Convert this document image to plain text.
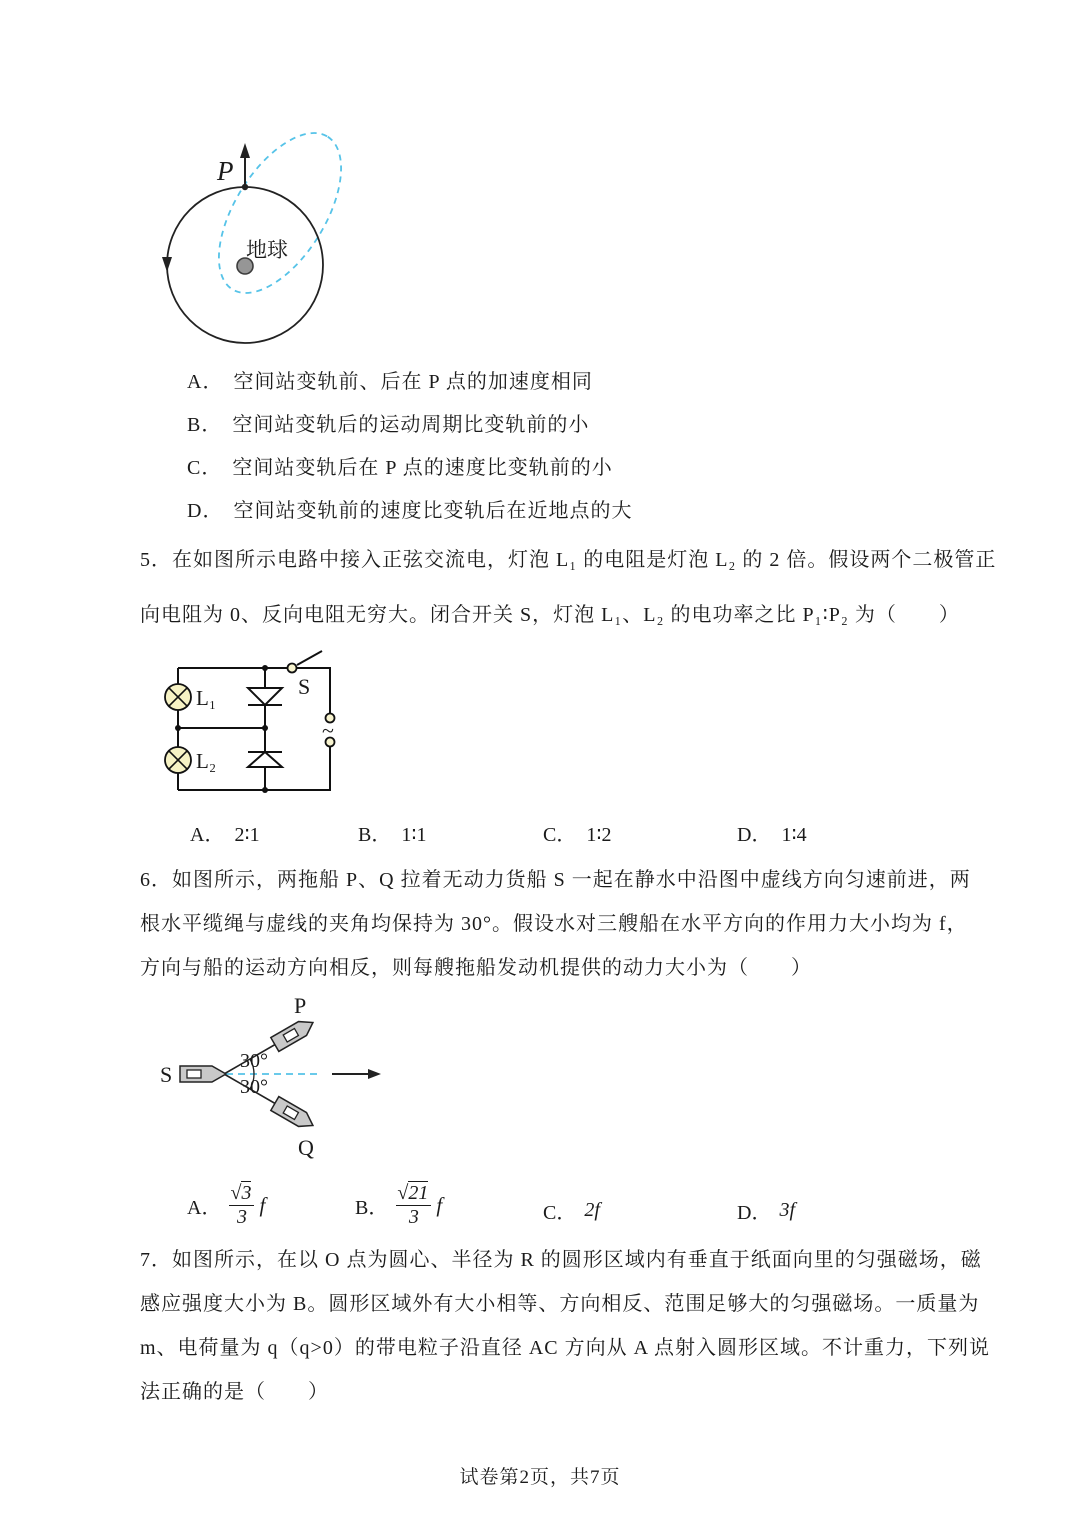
P
地球
A． 空间站变轨前、后在 P 点的加速度相同
B． 空间站变轨后的运动周期比变轨前的小
C． 空间站变轨后在 P 点的速度比变轨前的小
D． 空间站变轨前的速度比变轨后在近地点的大
5．在如图所示电路中接入正弦交流电，灯泡 L₁ 的电阻是灯泡 L₂ 的 2 倍。假设两个二极管正
向电阻为 0、反向电阻无穷大。闭合开关 S，灯泡 L₁、L₂ 的电功率之比 P₁∶P₂ 为（　　）
L₁
L₂
S
~
A． 2∶1	B． 1∶1	C． 1∶2	D． 1∶4
6．如图所示，两拖船 P、Q 拉着无动力货船 S 一起在静水中沿图中虚线方向匀速前进，两
根水平缆绳与虚线的夹角均保持为 30°。假设水对三艘船在水平方向的作用力大小均为 f，
方向与船的运动方向相反，则每艘拖船发动机提供的动力大小为（　　）
S
P
Q
30°
30°
A． $\frac{√3}{3}$ f	B． $\frac{√21}{3}$ f	C． 2f	D． 3f
7．如图所示，在以 O 点为圆心、半径为 R 的圆形区域内有垂直于纸面向里的匀强磁场，磁
感应强度大小为 B。圆形区域外有大小相等、方向相反、范围足够大的匀强磁场。一质量为
m、电荷量为 q（q>0）的带电粒子沿直径 AC 方向从 A 点射入圆形区域。不计重力，下列说
法正确的是（　　）
试卷第2页，共7页
